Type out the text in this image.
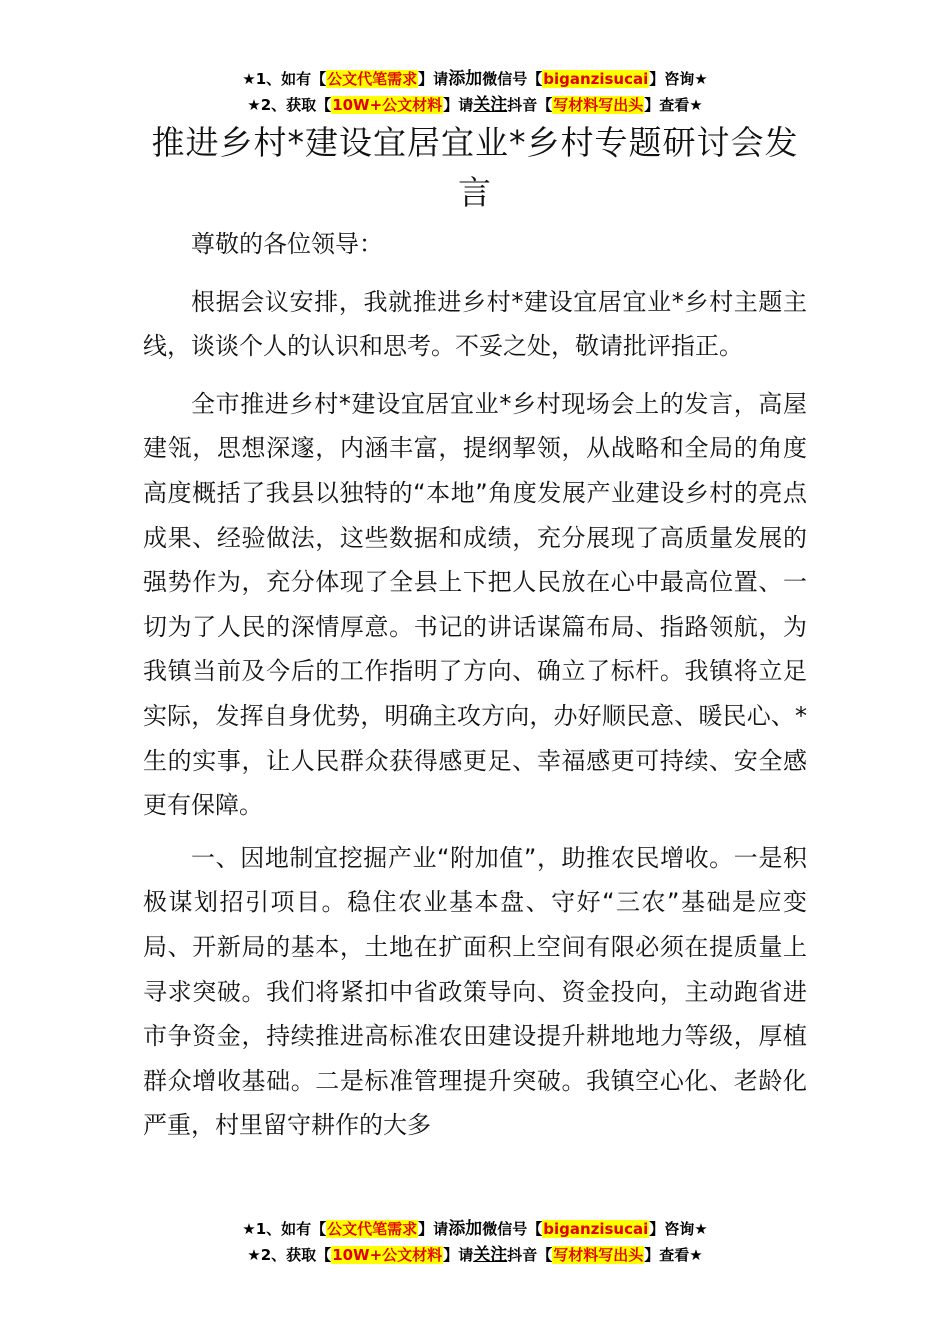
★1、如有【公文代笔需求】请添加微信号【biganzisucai】咨询★
★2、获取【10W+公文材料】请关注抖音【写材料写出头】查看★
推进乡村*建设宜居宜业*乡村专题研讨会发言

尊敬的各位领导：

根据会议安排，我就推进乡村*建设宜居宜业*乡村主题主线，谈谈个人的认识和思考。不妥之处，敬请批评指正。

全市推进乡村*建设宜居宜业*乡村现场会上的发言，高屋建瓴，思想深邃，内涵丰富，提纲挈领，从战略和全局的角度高度概括了我县以独特的“本地”角度发展产业建设乡村的亮点成果、经验做法，这些数据和成绩，充分展现了高质量发展的强势作为，充分体现了全县上下把人民放在心中最高位置、一切为了人民的深情厚意。书记的讲话谋篇布局、指路领航，为我镇当前及今后的工作指明了方向、确立了标杆。我镇将立足实际，发挥自身优势，明确主攻方向，办好顺民意、暖民心、*生的实事，让人民群众获得感更足、幸福感更可持续、安全感更有保障。

一、因地制宜挖掘产业“附加值”，助推农民增收。一是积极谋划招引项目。稳住农业基本盘、守好“三农”基础是应变局、开新局的基本，土地在扩面积上空间有限必须在提质量上寻求突破。我们将紧扣中省政策导向、资金投向，主动跑省进市争资金，持续推进高标准农田建设提升耕地地力等级，厚植群众增收基础。二是标准管理提升突破。我镇空心化、老龄化严重，村里留守耕作的大多

★1、如有【公文代笔需求】请添加微信号【biganzisucai】咨询★
★2、获取【10W+公文材料】请关注抖音【写材料写出头】查看★
